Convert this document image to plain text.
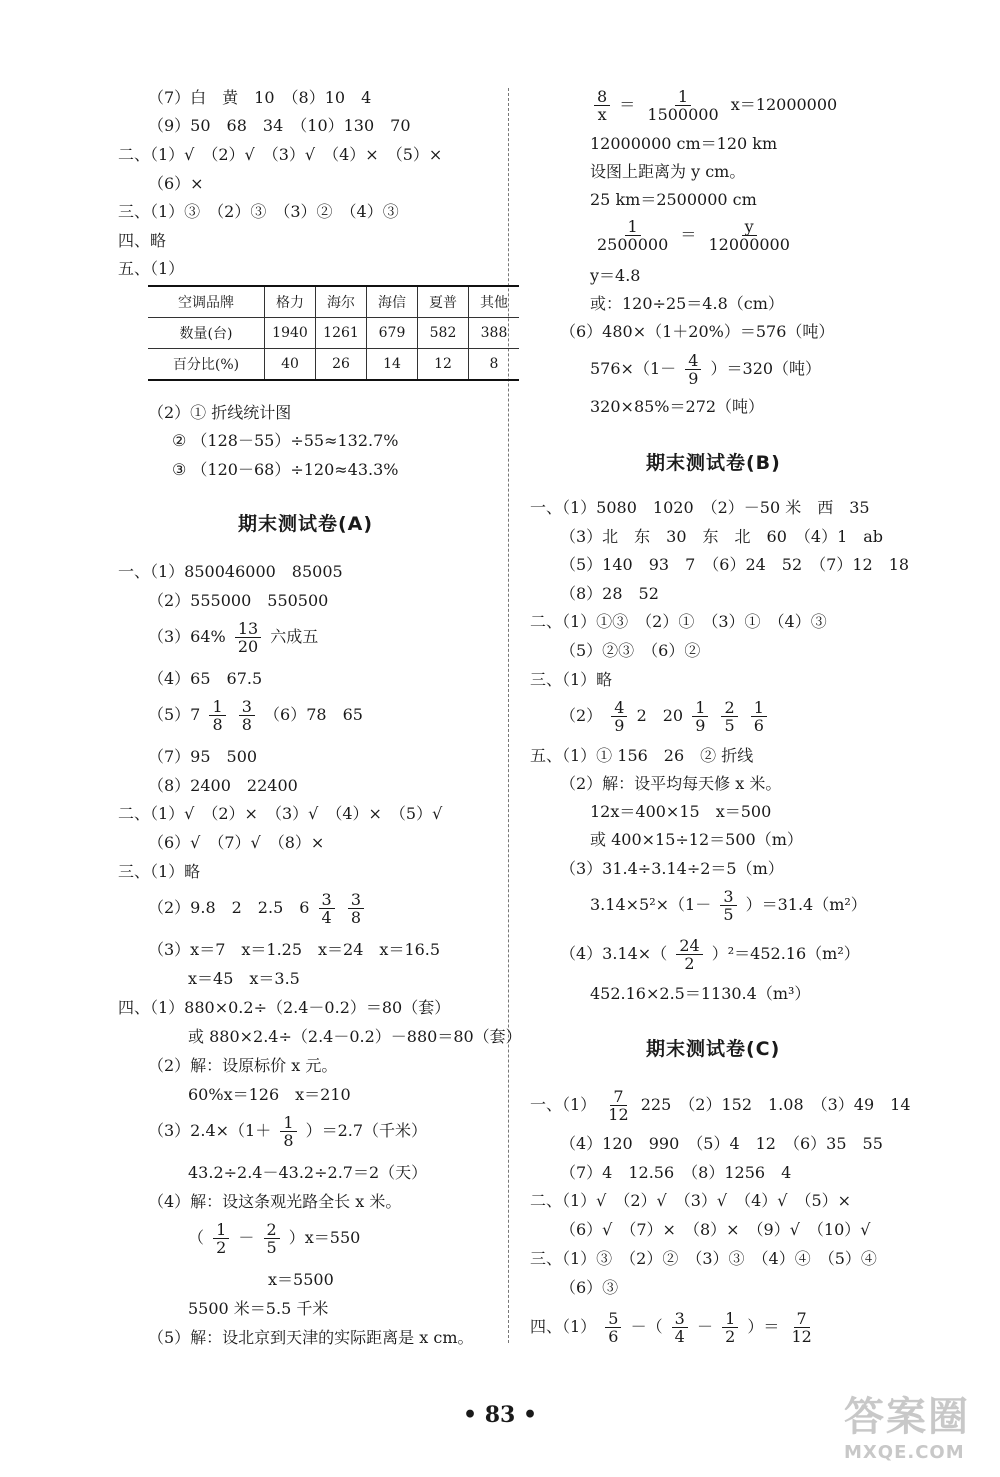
（7）白　黄　10　（8）10　4
（9）50　68　34　（10）130　70
二、（1）√　（2）√　（3）√　（4）×　（5）×
（6）×
三、（1）③　（2）③　（3）②　（4）③
四、略
五、（1）
空调品牌	格力	海尔	海信	夏普	其他
数量(台)	1940	1261	679	582	388
百分比(%)	40	26	14	12	8
（2）① 折线统计图
② （128－55）÷55≈132.7%
③ （120－68）÷120≈43.3%
期末测试卷(A)
一、（1）850046000　85005
（2）555000　550500
$(3)64\% \frac{13}{20}$ 六成五
（4）65　67.5
$(5)7 \frac{1}{8}$
$\frac{3}{8} (6)78$　65
（7）95　500
（8）2400　22400
二、（1）√　（2）×　（3）√　（4）×　（5）√
（6）√　（7）√　（8）×
三、（1）略
（2）9.8　2　2.5　$6 \frac{3}{4}$
$\frac{3}{8}$
（3）x＝7　x＝1.25　x＝24　x＝16.5
x＝45　x＝3.5
四、（1）880×0.2÷（2.4－0.2）＝80（套）
或 880×2.4÷（2.4－0.2）－880＝80（套）
（2）解：设原标价 x 元。
60%x＝126　x＝210
$(3)2.4\times(1+ \frac{1}{8} )=2.7$（千米）
43.2÷2.4－43.2÷2.7＝2（天）
（4）解：设这条观光路全长 x 米。
（ $\frac{1}{2} - \frac{2}{5} )x=550$
x＝5500
5500 米＝5.5 千米
（5）解：设北京到天津的实际距离是 x cm。
$\frac{8}{x} = \frac{1}{1500000} x=12000000$
12000000 cm＝120 km
设图上距离为 y cm。
25 km＝2500000 cm
$\frac{1}{2500000} = \frac{y}{12000000}$
y＝4.8
或：120÷25＝4.8（cm）
（6）480×（1＋20%）＝576（吨）
$576\times(1- \frac{4}{9} )=320$（吨）
320×85%＝272（吨）
期末测试卷(B)
一、（1）5080　1020　（2）－50 米　西　35
（3）北　东　30　东　北　60　（4）1　ab
（5）140　93　7　（6）24　52　（7）12　18
（8）28　52
二、（1）①③　（2）①　（3）①　（4）③
（5）②③　（6）②
三、（1）略
$(2) \frac{4}{9} 2$　$20 \frac{1}{9}$
$\frac{2}{5}$
$\frac{1}{6}$
五、（1）① 156　26　② 折线
（2）解：设平均每天修 x 米。
12x＝400×15　x＝500
或 400×15÷12＝500（m）
（3）31.4÷3.14÷2＝5（m）
$3.14\times 5^2\times(1- \frac{3}{5} )=31.4(m^2)$
$(4)3.14\times( \frac{24}{2} )^2=452.16(m^2)$
452.16×2.5＝1130.4（m³）
期末测试卷(C)
一、$(1) \frac{7}{12} 225$　（2）152　1.08　（3）49　14
（4）120　990　（5）4　12　（6）35　55
（7）4　12.56　（8）1256　4
二、（1）√　（2）√　（3）√　（4）√　（5）×
（6）√　（7）×　（8）×　（9）√　（10）√
三、（1）③　（2）②　（3）③　（4）④　（5）④
（6）③
四、$(1) \frac{5}{6}$ －（ $\frac{3}{4} - \frac{1}{2}$ ）＝ $\frac{7}{12}$
• 83 •	答案圈
MXQE.COM
